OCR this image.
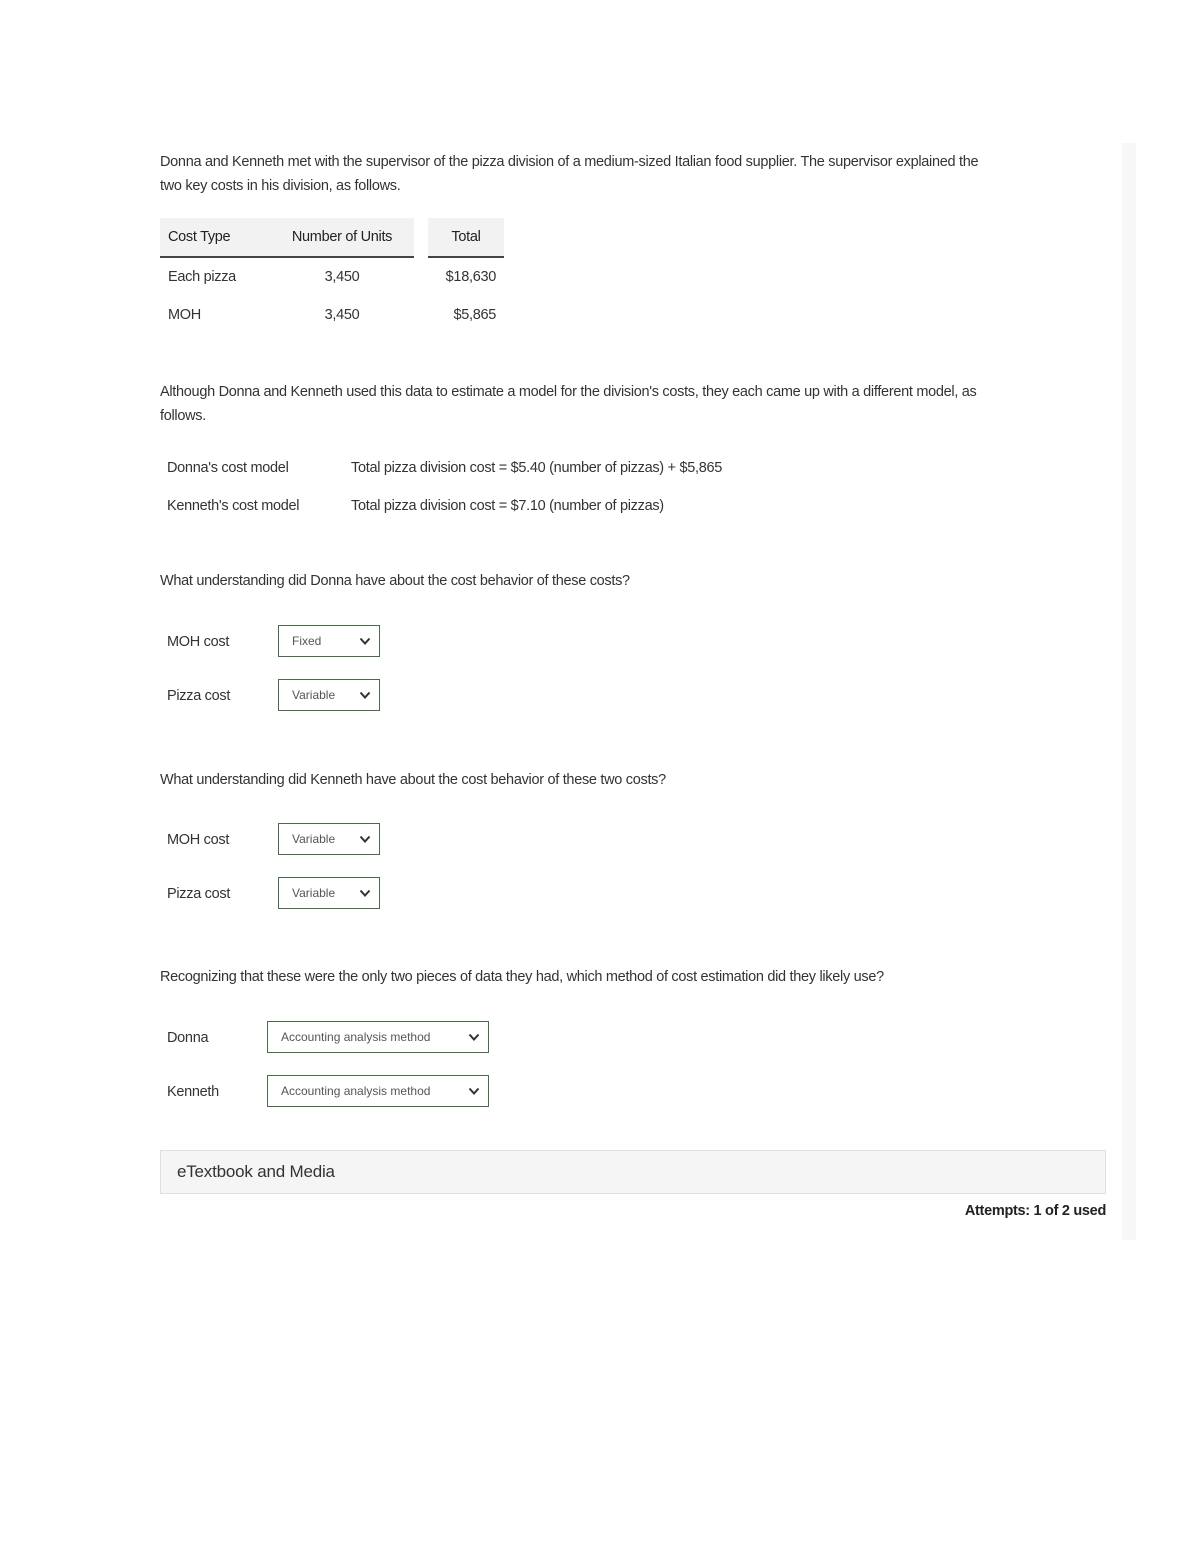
Donna and Kenneth met with the supervisor of the pizza division of a medium-sized Italian food supplier. The supervisor explained the
two key costs in his division, as follows.
Cost Type	Number of Units		Total
Each pizza	3,450		$18,630
MOH	3,450		$5,865
Although Donna and Kenneth used this data to estimate a model for the division's costs, they each came up with a different model, as
follows.
Donna's cost model	Total pizza division cost = $5.40 (number of pizzas) + $5,865
Kenneth's cost model	Total pizza division cost = $7.10 (number of pizzas)
What understanding did Donna have about the cost behavior of these costs?
MOH cost	Fixed
Pizza cost	Variable
What understanding did Kenneth have about the cost behavior of these two costs?
MOH cost	Variable
Pizza cost	Variable
Recognizing that these were the only two pieces of data they had, which method of cost estimation did they likely use?
Donna	Accounting analysis method
Kenneth	Accounting analysis method
eTextbook and Media
Attempts: 1 of 2 used
